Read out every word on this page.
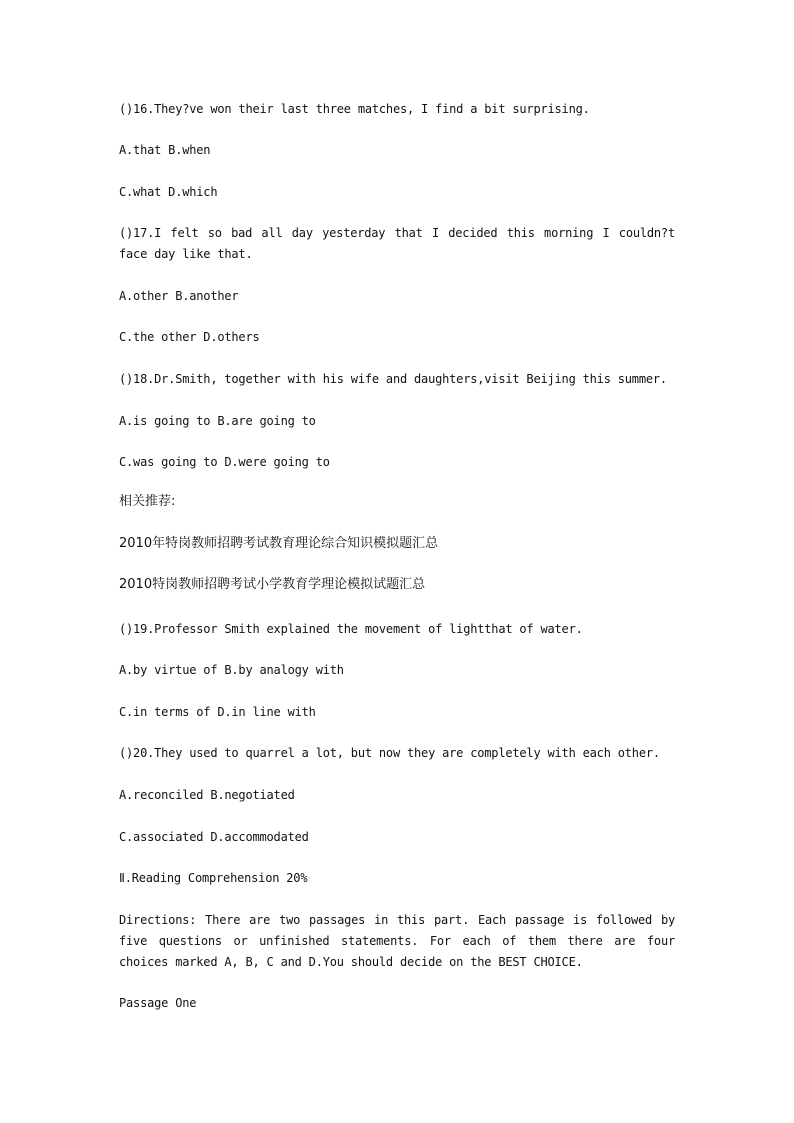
()16.They?ve won their last three matches, I find a bit surprising.

A.that B.when

C.what D.which

()17.I felt so bad all day yesterday that I decided this morning I couldn?t face day like that.

A.other B.another

C.the other D.others

()18.Dr.Smith, together with his wife and daughters,visit Beijing this summer.

A.is going to B.are going to

C.was going to D.were going to

相关推荐:

2010年特岗教师招聘考试教育理论综合知识模拟题汇总

2010特岗教师招聘考试小学教育学理论模拟试题汇总

()19.Professor Smith explained the movement of lightthat of water.

A.by virtue of B.by analogy with

C.in terms of D.in line with

()20.They used to quarrel a lot, but now they are completely with each other.

A.reconciled B.negotiated

C.associated D.accommodated

Ⅱ.Reading Comprehension 20%

Directions: There are two passages in this part. Each passage is followed by five questions or unfinished statements. For each of them there are four choices marked A, B, C and D.You should decide on the BEST CHOICE.

Passage One
